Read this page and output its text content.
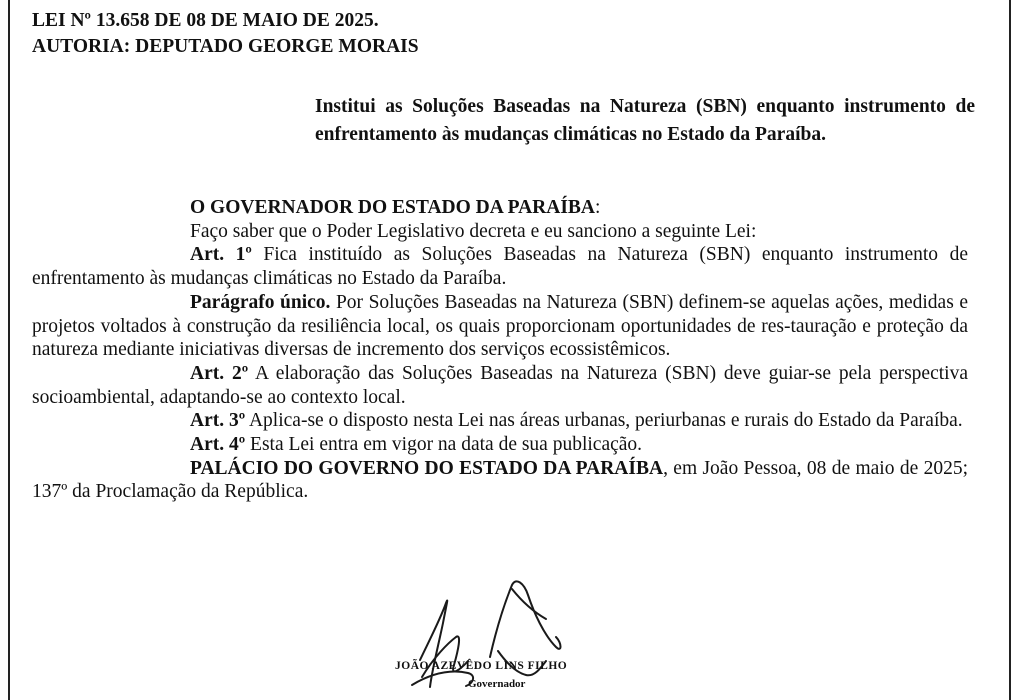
LEI Nº 13.658 DE 08 DE MAIO DE 2025.
AUTORIA: DEPUTADO GEORGE MORAIS
Institui as Soluções Baseadas na Natureza (SBN) enquanto instrumento de enfrentamento às mudanças climáticas no Estado da Paraíba.

O GOVERNADOR DO ESTADO DA PARAÍBA:

Faço saber que o Poder Legislativo decreta e eu sanciono a seguinte Lei:

Art. 1º Fica instituído as Soluções Baseadas na Natureza (SBN) enquanto instrumento de enfrentamento às mudanças climáticas no Estado da Paraíba.

Parágrafo único. Por Soluções Baseadas na Natureza (SBN) definem-se aquelas ações, medidas e projetos voltados à construção da resiliência local, os quais proporcionam oportunidades de res-tauração e proteção da natureza mediante iniciativas diversas de incremento dos serviços ecossistêmicos.

Art. 2º A elaboração das Soluções Baseadas na Natureza (SBN) deve guiar-se pela perspectiva socioambiental, adaptando-se ao contexto local.

Art. 3º Aplica-se o disposto nesta Lei nas áreas urbanas, periurbanas e rurais do Estado da Paraíba.

Art. 4º Esta Lei entra em vigor na data de sua publicação.

PALÁCIO DO GOVERNO DO ESTADO DA PARAÍBA, em João Pessoa, 08 de maio de 2025; 137º da Proclamação da República.

JOÃO AZEVÊDO LINS FILHO
Governador
